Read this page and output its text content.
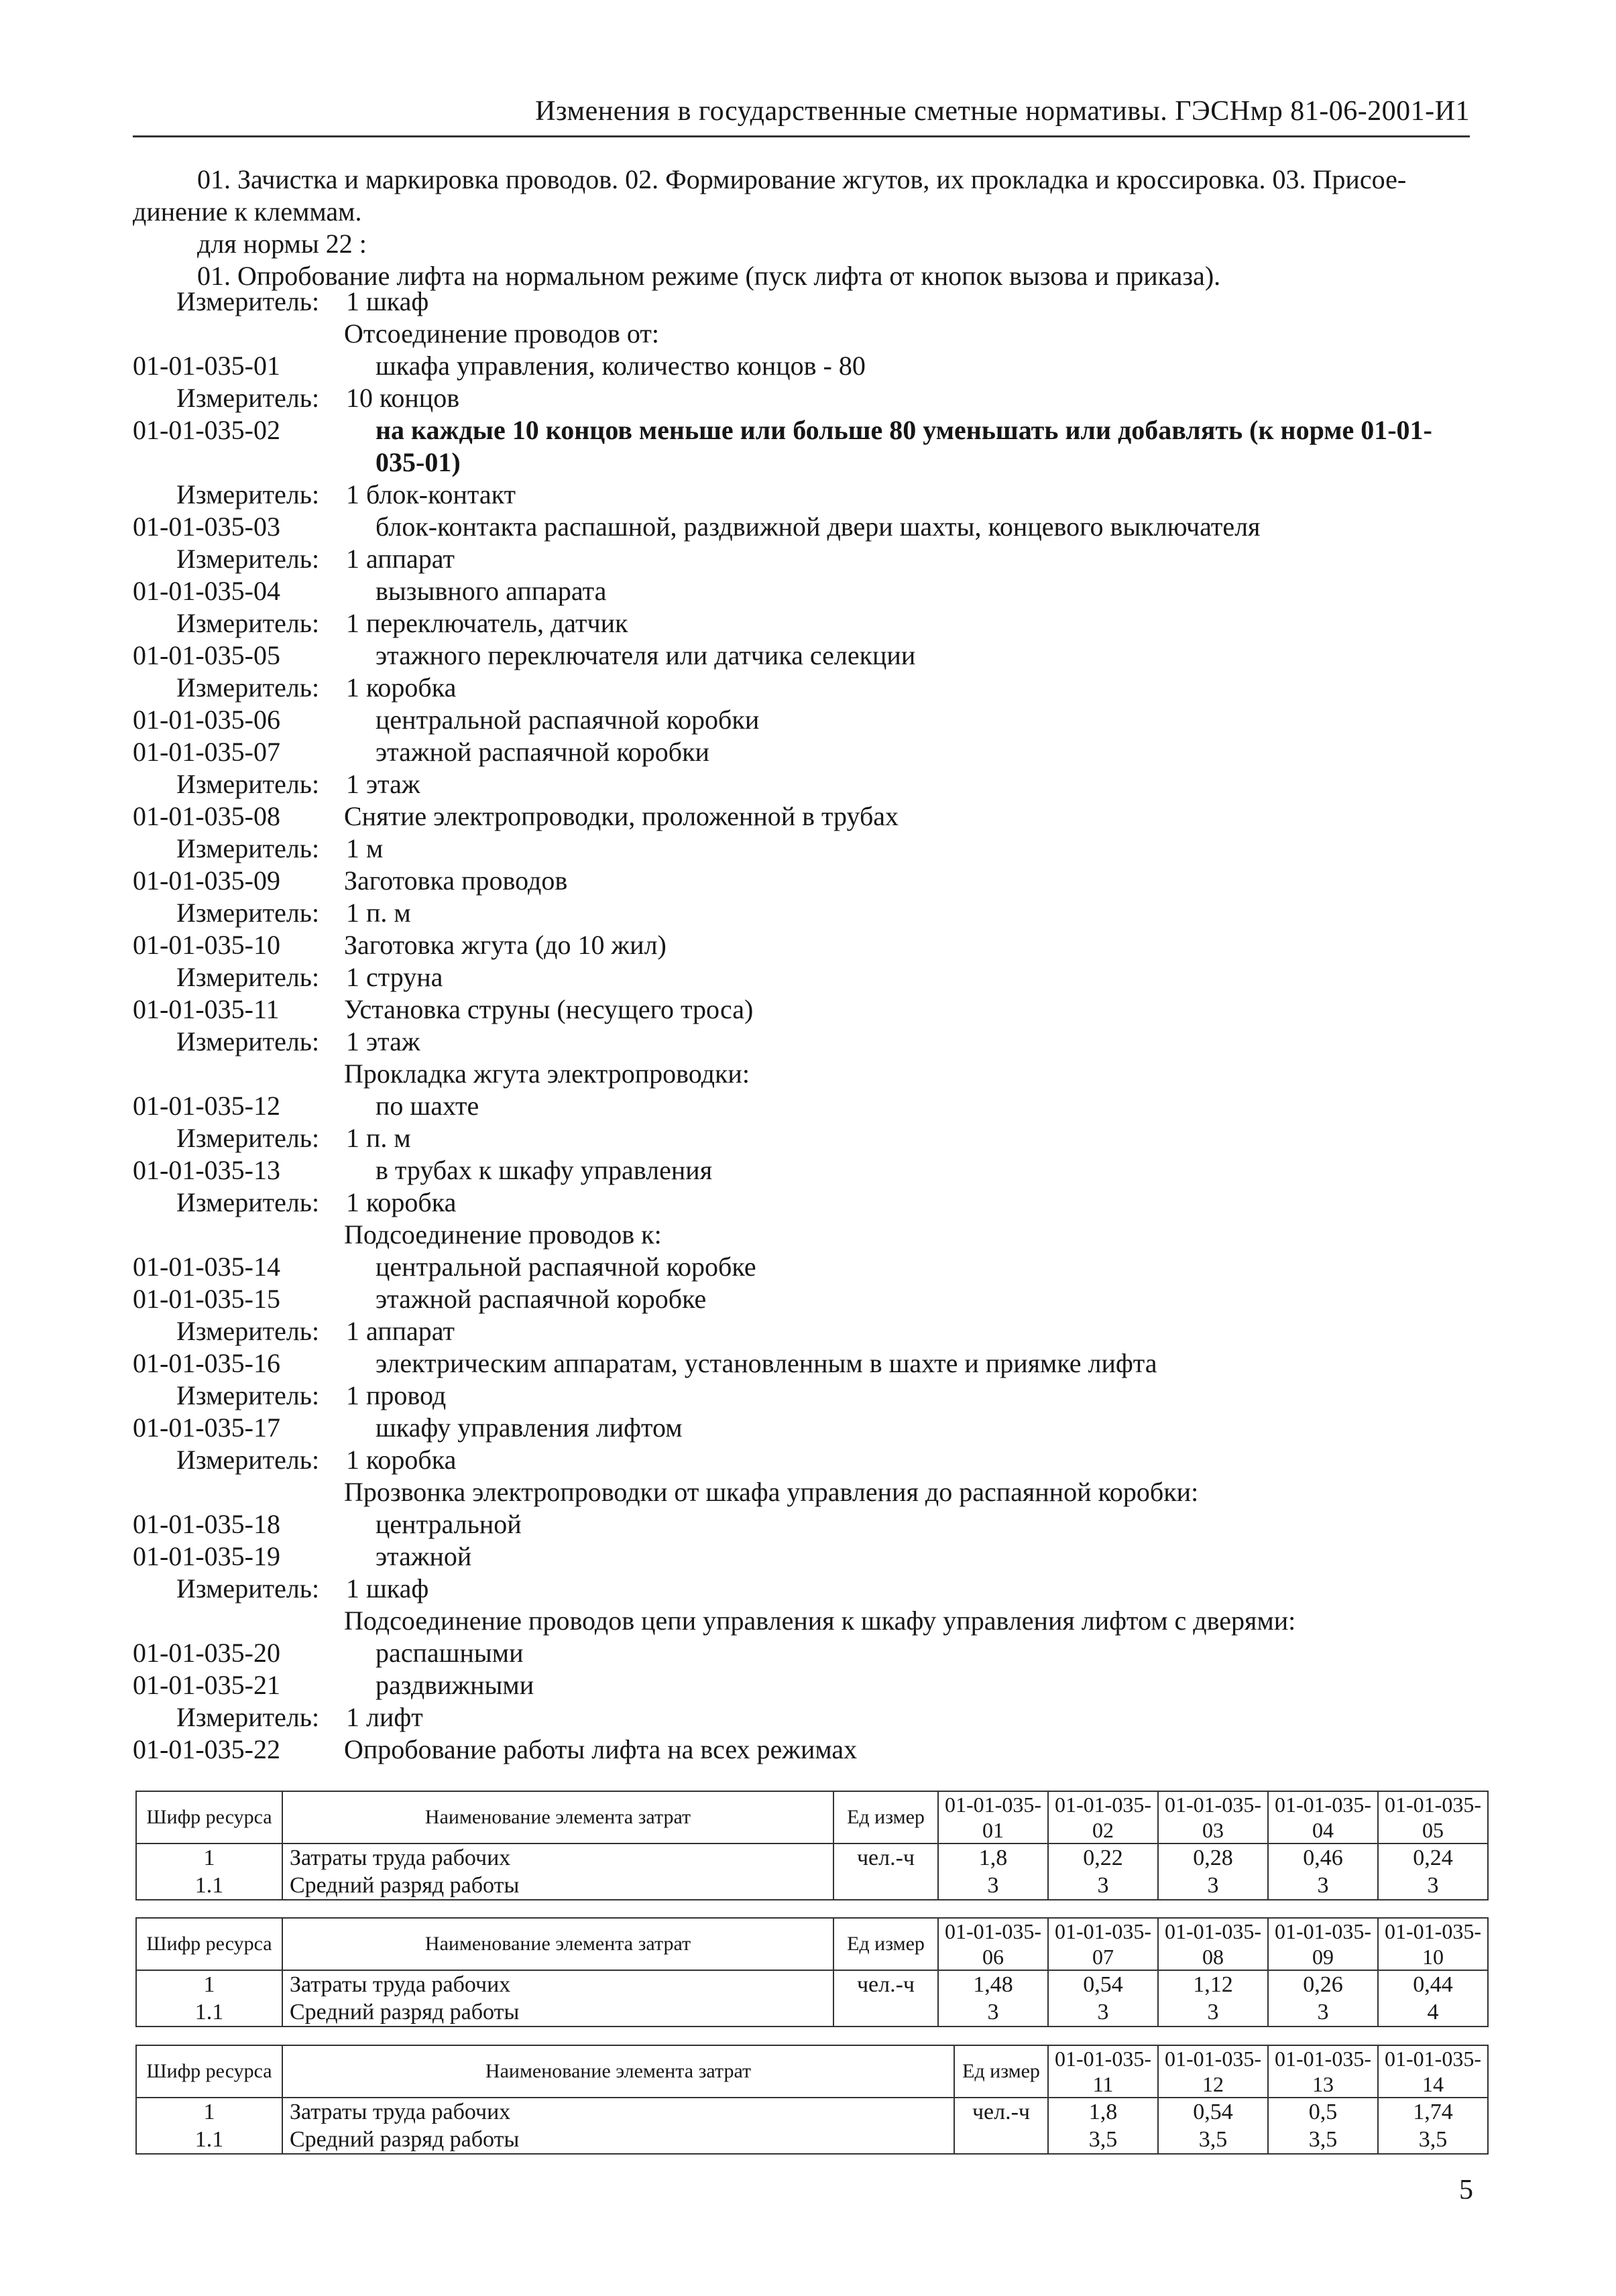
Изменения в государственные сметные нормативы. ГЭСНмр 81-06-2001-И1

01. Зачистка и маркировка проводов. 02. Формирование жгутов, их прокладка и кроссировка. 03. Присоединение к клеммам.

для нормы 22 :

01. Опробование лифта на нормальном режиме (пуск лифта от кнопок вызова и приказа).

Измеритель: 1 шкаф
Отсоединение проводов от:
01-01-035-01	шкафа управления, количество концов - 80
Измеритель: 10 концов
01-01-035-02	на каждые 10 концов меньше или больше 80 уменьшать или добавлять (к норме 01-01-035-01)
Измеритель: 1 блок-контакт
01-01-035-03	блок-контакта распашной, раздвижной двери шахты, концевого выключателя
Измеритель: 1 аппарат
01-01-035-04	вызывного аппарата
Измеритель: 1 переключатель, датчик
01-01-035-05	этажного переключателя или датчика селекции
Измеритель: 1 коробка
01-01-035-06	центральной распаячной коробки
01-01-035-07	этажной распаячной коробки
Измеритель: 1 этаж
01-01-035-08 Снятие электропроводки, проложенной в трубах
Измеритель: 1 м
01-01-035-09 Заготовка проводов
Измеритель: 1 п. м
01-01-035-10 Заготовка жгута (до 10 жил)
Измеритель: 1 струна
01-01-035-11 Установка струны (несущего троса)
Измеритель: 1 этаж
Прокладка жгута электропроводки:
01-01-035-12	по шахте
Измеритель: 1 п. м
01-01-035-13	в трубах к шкафу управления
Измеритель: 1 коробка
Подсоединение проводов к:
01-01-035-14	центральной распаячной коробке
01-01-035-15	этажной распаячной коробке
Измеритель: 1 аппарат
01-01-035-16	электрическим аппаратам, установленным в шахте и приямке лифта
Измеритель: 1 провод
01-01-035-17	шкафу управления лифтом
Измеритель: 1 коробка
Прозвонка электропроводки от шкафа управления до распаянной коробки:
01-01-035-18	центральной
01-01-035-19	этажной
Измеритель: 1 шкаф
Подсоединение проводов цепи управления к шкафу управления лифтом с дверями:
01-01-035-20	распашными
01-01-035-21	раздвижными
Измеритель: 1 лифт
01-01-035-22 Опробование работы лифта на всех режимах
Шифр ресурса	Наименование элемента затрат	Ед измер	01-01-035-01	01-01-035-02	01-01-035-03	01-01-035-04	01-01-035-05
1	Затраты труда рабочих	чел.-ч	1,8	0,22	0,28	0,46	0,24
1.1	Средний разряд работы		3	3	3	3	3
Шифр ресурса	Наименование элемента затрат	Ед измер	01-01-035-06	01-01-035-07	01-01-035-08	01-01-035-09	01-01-035-10
1	Затраты труда рабочих	чел.-ч	1,48	0,54	1,12	0,26	0,44
1.1	Средний разряд работы		3	3	3	3	4
Шифр ресурса	Наименование элемента затрат	Ед измер	01-01-035-11	01-01-035-12	01-01-035-13	01-01-035-14
1	Затраты труда рабочих	чел.-ч	1,8	0,54	0,5	1,74
1.1	Средний разряд работы		3,5	3,5	3,5	3,5
5
